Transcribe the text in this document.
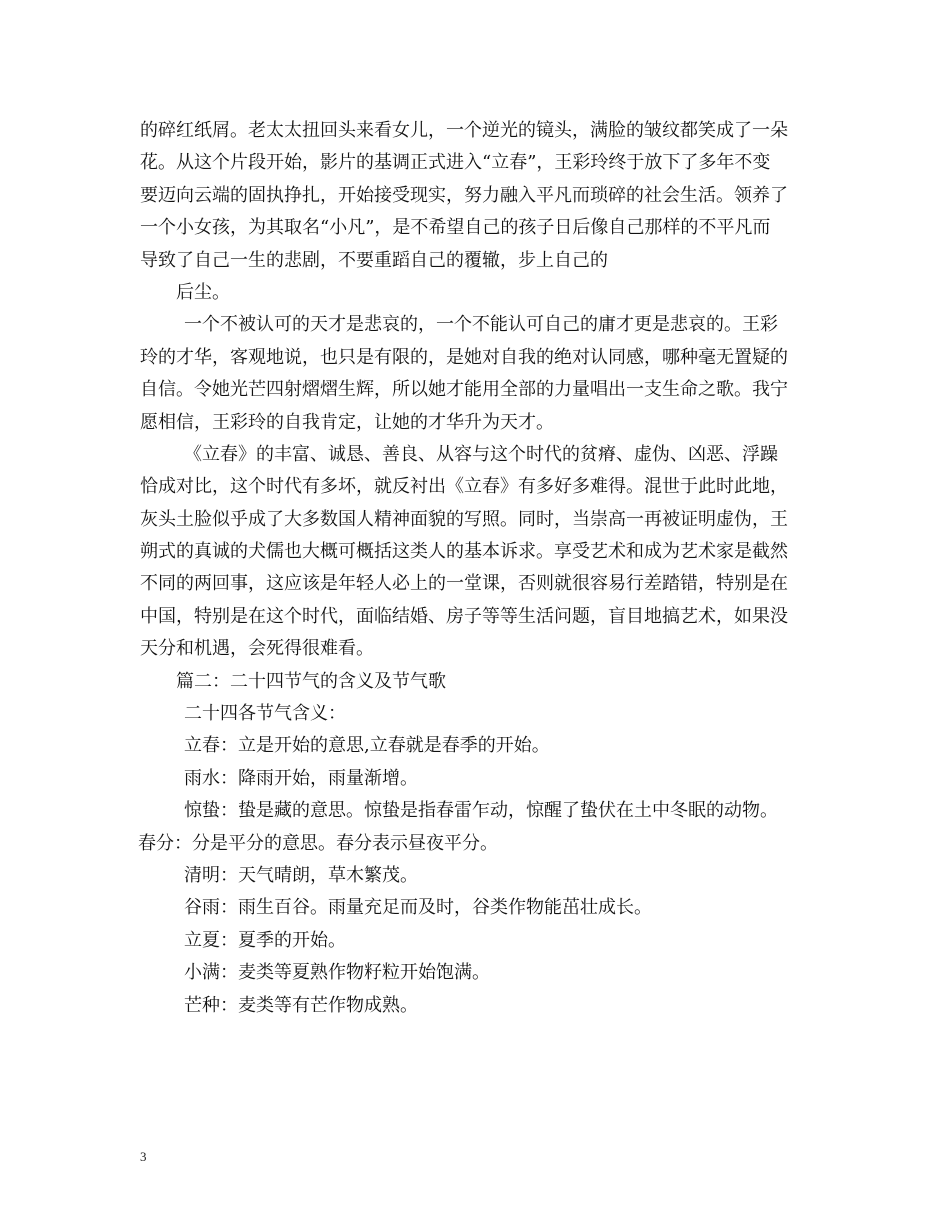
的碎红纸屑。老太太扭回头来看女儿，一个逆光的镜头，满脸的皱纹都笑成了一朵
花。从这个片段开始，影片的基调正式进入“立春”，王彩玲终于放下了多年不变
要迈向云端的固执挣扎，开始接受现实，努力融入平凡而琐碎的社会生活。领养了
一个小女孩，为其取名“小凡”，是不希望自己的孩子日后像自己那样的不平凡而
导致了自己一生的悲剧，不要重蹈自己的覆辙，步上自己的
后尘。
一个不被认可的天才是悲哀的，一个不能认可自己的庸才更是悲哀的。王彩
玲的才华，客观地说，也只是有限的，是她对自我的绝对认同感，哪种毫无置疑的
自信。令她光芒四射熠熠生辉，所以她才能用全部的力量唱出一支生命之歌。我宁
愿相信，王彩玲的自我肯定，让她的才华升为天才。
《立春》的丰富、诚恳、善良、从容与这个时代的贫瘠、虚伪、凶恶、浮躁
恰成对比，这个时代有多坏，就反衬出《立春》有多好多难得。混世于此时此地，
灰头土脸似乎成了大多数国人精神面貌的写照。同时，当崇高一再被证明虚伪，王
朔式的真诚的犬儒也大概可概括这类人的基本诉求。享受艺术和成为艺术家是截然
不同的两回事，这应该是年轻人必上的一堂课，否则就很容易行差踏错，特别是在
中国，特别是在这个时代，面临结婚、房子等等生活问题，盲目地搞艺术，如果没
天分和机遇，会死得很难看。
篇二：二十四节气的含义及节气歌
二十四各节气含义：
立春：立是开始的意思,立春就是春季的开始。
雨水：降雨开始，雨量渐增。
惊蛰：蛰是藏的意思。惊蛰是指春雷乍动，惊醒了蛰伏在土中冬眠的动物。
春分：分是平分的意思。春分表示昼夜平分。
清明：天气晴朗，草木繁茂。
谷雨：雨生百谷。雨量充足而及时，谷类作物能茁壮成长。
立夏：夏季的开始。
小满：麦类等夏熟作物籽粒开始饱满。
芒种：麦类等有芒作物成熟。
3
